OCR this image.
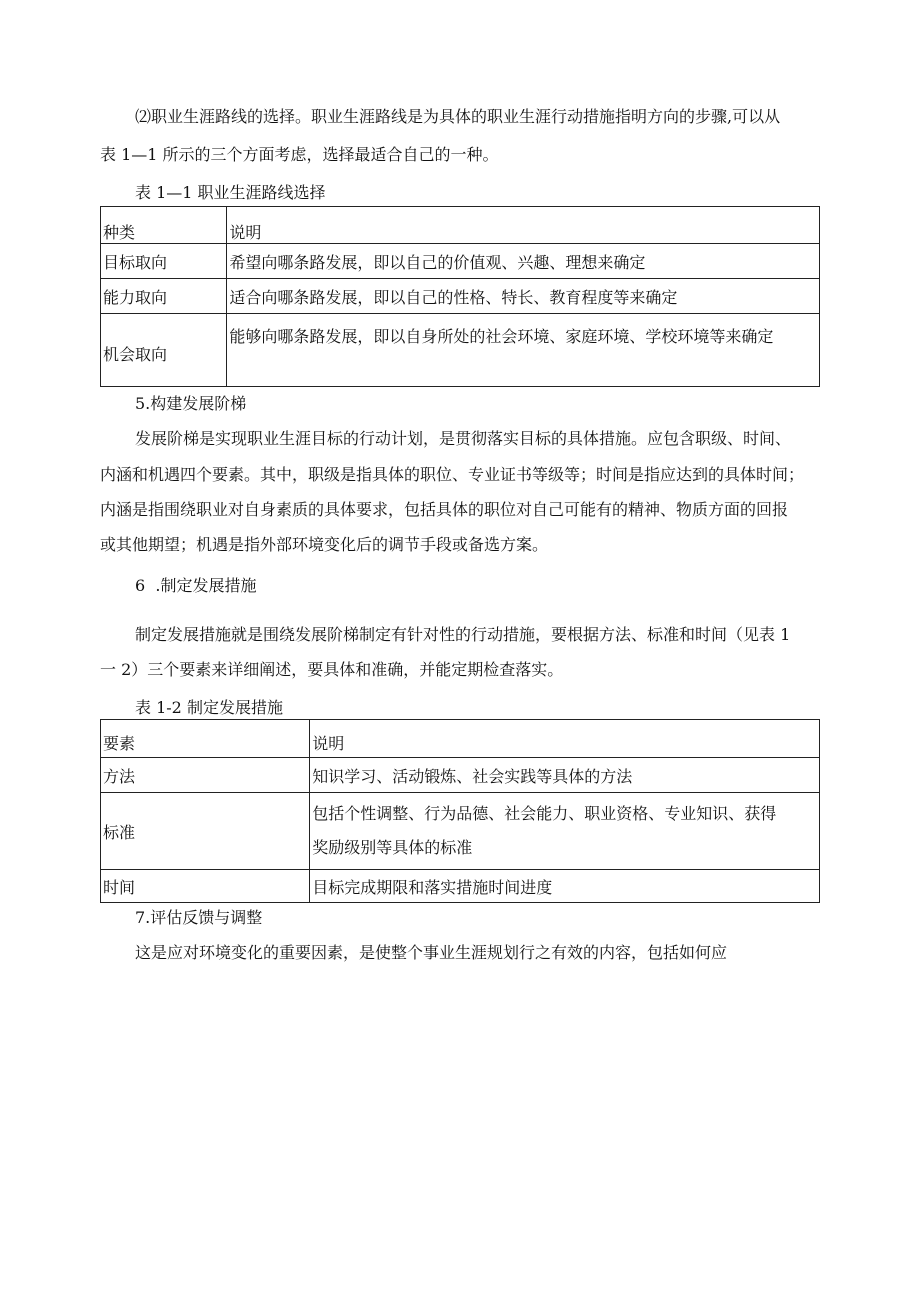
⑵职业生涯路线的选择。职业生涯路线是为具体的职业生涯行动措施指明方向的步骤,可以从
表 1—1 所示的三个方面考虑，选择最适合自己的一种。
表 1—1 职业生涯路线选择
种类	说明
目标取向	希望向哪条路发展，即以自己的价值观、兴趣、理想来确定
能力取向	适合向哪条路发展，即以自己的性格、特长、教育程度等来确定
机会取向	能够向哪条路发展，即以自身所处的社会环境、家庭环境、学校环境等来确定
5.构建发展阶梯
发展阶梯是实现职业生涯目标的行动计划，是贯彻落实目标的具体措施。应包含职级、时间、
内涵和机遇四个要素。其中，职级是指具体的职位、专业证书等级等；时间是指应达到的具体时间；
内涵是指围绕职业对自身素质的具体要求，包括具体的职位对自己可能有的精神、物质方面的回报
或其他期望；机遇是指外部环境变化后的调节手段或备选方案。
6  .制定发展措施
制定发展措施就是围绕发展阶梯制定有针对性的行动措施，要根据方法、标准和时间（见表 1
一 2）三个要素来详细阐述，要具体和准确，并能定期检查落实。
表 1-2 制定发展措施
要素	说明
方法	知识学习、活动锻炼、社会实践等具体的方法
标准	包括个性调整、行为品德、社会能力、职业资格、专业知识、获得
奖励级别等具体的标准

时间	目标完成期限和落实措施时间进度
7.评估反馈与调整
这是应对环境变化的重要因素，是使整个事业生涯规划行之有效的内容，包括如何应
